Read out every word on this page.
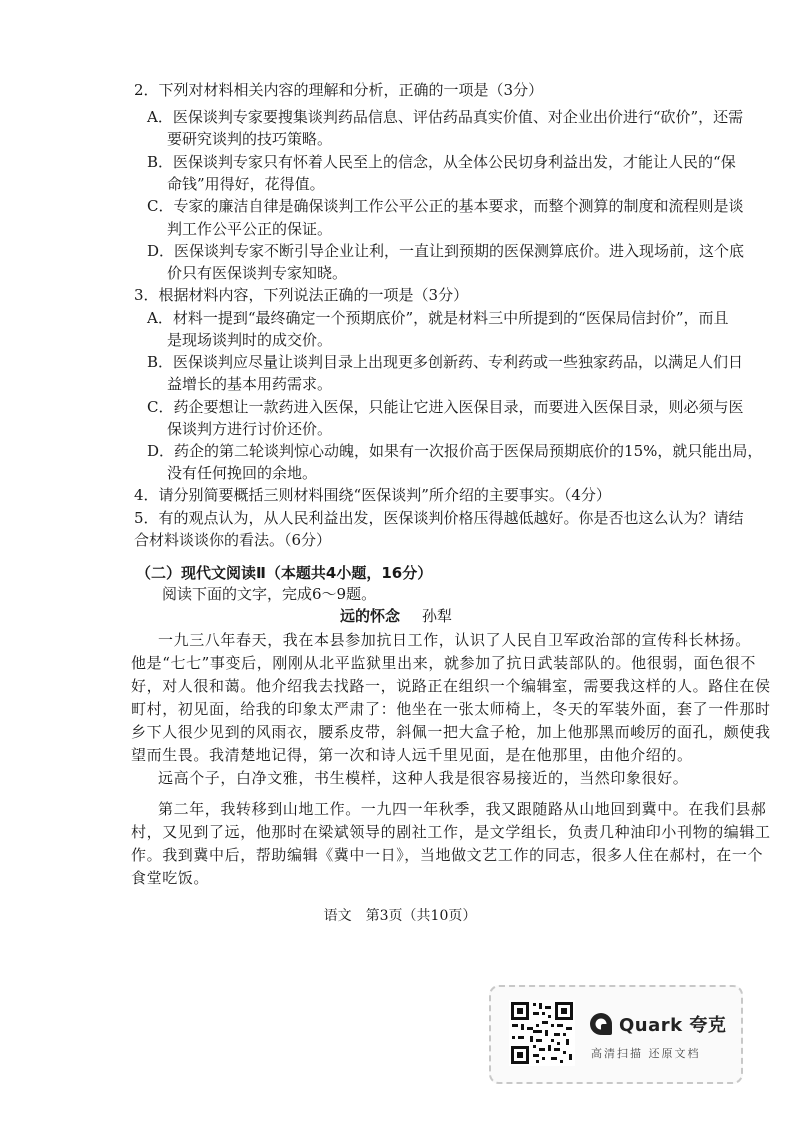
2．下列对材料相关内容的理解和分析，正确的一项是（3分）
A．医保谈判专家要搜集谈判药品信息、评估药品真实价值、对企业出价进行“砍价”，还需
要研究谈判的技巧策略。
B．医保谈判专家只有怀着人民至上的信念，从全体公民切身利益出发，才能让人民的“保
命钱”用得好，花得值。
C．专家的廉洁自律是确保谈判工作公平公正的基本要求，而整个测算的制度和流程则是谈
判工作公平公正的保证。
D．医保谈判专家不断引导企业让利，一直让到预期的医保测算底价。进入现场前，这个底
价只有医保谈判专家知晓。
3．根据材料内容，下列说法正确的一项是（3分）
A．材料一提到“最终确定一个预期底价”，就是材料三中所提到的“医保局信封价”，而且
是现场谈判时的成交价。
B．医保谈判应尽量让谈判目录上出现更多创新药、专利药或一些独家药品，以满足人们日
益增长的基本用药需求。
C．药企要想让一款药进入医保，只能让它进入医保目录，而要进入医保目录，则必须与医
保谈判方进行讨价还价。
D．药企的第二轮谈判惊心动魄，如果有一次报价高于医保局预期底价的15%，就只能出局，
没有任何挽回的余地。
4．请分别简要概括三则材料围绕“医保谈判”所介绍的主要事实。（4分）
5．有的观点认为，从人民利益出发，医保谈判价格压得越低越好。你是否也这么认为？请结
合材料谈谈你的看法。（6分）
（二）现代文阅读Ⅱ（本题共4小题，16分）
阅读下面的文字，完成6～9题。
远的怀念 孙犁
一九三八年春天，我在本县参加抗日工作，认识了人民自卫军政治部的宣传科长林扬。
他是“七七”事变后，刚刚从北平监狱里出来，就参加了抗日武装部队的。他很弱，面色很不
好，对人很和蔼。他介绍我去找路一，说路正在组织一个编辑室，需要我这样的人。路住在侯
町村，初见面，给我的印象太严肃了：他坐在一张太师椅上，冬天的军装外面，套了一件那时
乡下人很少见到的风雨衣，腰系皮带，斜佩一把大盒子枪，加上他那黑而峻厉的面孔，颇使我
望而生畏。我清楚地记得，第一次和诗人远千里见面，是在他那里，由他介绍的。
远高个子，白净文雅，书生模样，这种人我是很容易接近的，当然印象很好。
第二年，我转移到山地工作。一九四一年秋季，我又跟随路从山地回到冀中。在我们县郝
村，又见到了远，他那时在梁斌领导的剧社工作，是文学组长，负责几种油印小刊物的编辑工
作。我到冀中后，帮助编辑《冀中一日》，当地做文艺工作的同志，很多人住在郝村，在一个
食堂吃饭。
语文　第3页（共10页）
Quark 夸克
高清扫描 还原文档
